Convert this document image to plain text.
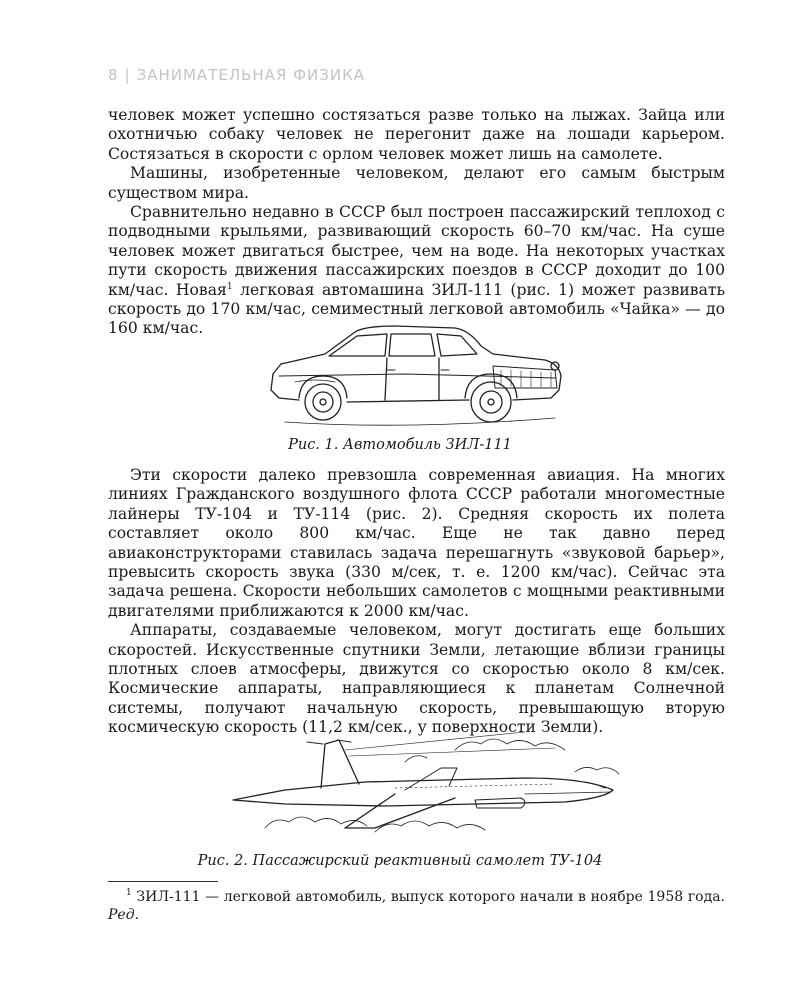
8 | ЗАНИМАТЕЛЬНАЯ ФИЗИКА

человек может успешно состязаться разве только на лыжах. Зайца или охотничью собаку человек не перегонит даже на лошади карьером. Состязаться в скорости с орлом человек может лишь на самолете.

Машины, изобретенные человеком, делают его самым быстрым существом мира.

Сравнительно недавно в СССР был построен пассажирский теплоход с подводными крыльями, развивающий скорость 60–70 км/час. На суше человек может двигаться быстрее, чем на воде. На некоторых участках пути скорость движения пассажирских поездов в СССР доходит до 100 км/час. Новая$^1$ легковая автомашина ЗИЛ-111 (рис. 1) может развивать скорость до 170 км/час, семиместный легковой автомобиль «Чайка» — до 160 км/час.

Рис. 1. Автомобиль ЗИЛ-111

Эти скорости далеко превзошла современная авиация. На многих линиях Гражданского воздушного флота СССР работали многоместные лайнеры ТУ-104 и ТУ-114 (рис. 2). Средняя скорость их полета составляет около 800 км/час. Еще не так давно перед авиаконструкторами ставилась задача перешагнуть «звуковой барьер», превысить скорость звука (330 м/сек, т. е. 1200 км/час). Сейчас эта задача решена. Скорости небольших самолетов с мощными реактивными двигателями приближаются к 2000 км/час.

Аппараты, создаваемые человеком, могут достигать еще больших скоростей. Искусственные спутники Земли, летающие вблизи границы плотных слоев атмосферы, движутся со скоростью около 8 км/сек. Космические аппараты, направляющиеся к планетам Солнечной системы, получают начальную скорость, превышающую вторую космическую скорость (11,2 км/сек., у поверхности Земли).

Рис. 2. Пассажирский реактивный самолет ТУ-104
$^1$ ЗИЛ-111 — легковой автомобиль, выпуск которого начали в ноябре 1958 года. Ред.
